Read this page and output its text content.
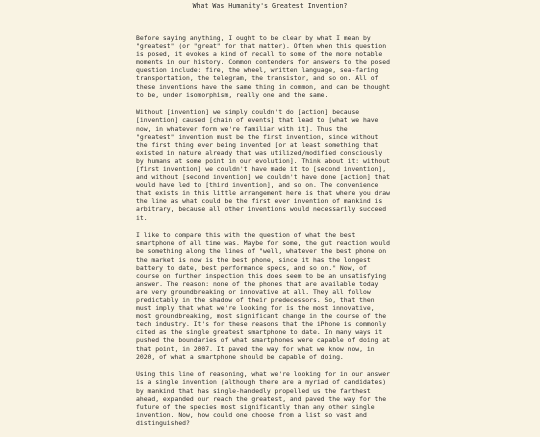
What Was Humanity's Greatest Invention?

Before saying anything, I ought to be clear by what I mean by
"greatest" (or "great" for that matter). Often when this question
is posed, it evokes a kind of recall to some of the more notable
moments in our history. Common contenders for answers to the posed
question include: fire, the wheel, written language, sea-faring
transportation, the telegram, the transistor, and so on. All of
these inventions have the same thing in common, and can be thought
to be, under isomorphism, really one and the same.

Without [invention] we simply couldn't do [action] because
[invention] caused [chain of events] that lead to [what we have
now, in whatever form we're familiar with it]. Thus the
"greatest" invention must be the first invention, since without
the first thing ever being invented [or at least something that
existed in nature already that was utilized/modified consciously
by humans at some point in our evolution]. Think about it: without
[first invention] we couldn't have made it to [second invention],
and without [second invention] we couldn't have done [action] that
would have led to [third invention], and so on. The convenience
that exists in this little arrangement here is that where you draw
the line as what could be the first ever invention of mankind is
arbitrary, because all other inventions would necessarily succeed
it.

I like to compare this with the question of what the best
smartphone of all time was. Maybe for some, the gut reaction would
be something along the lines of "well, whatever the best phone on
the market is now is the best phone, since it has the longest
battery to date, best performance specs, and so on." Now, of
course on further inspection this does seem to be an unsatisfying
answer. The reason: none of the phones that are available today
are very groundbreaking or innovative at all. They all follow
predictably in the shadow of their predecessors. So, that then
must imply that what we're looking for is the most innovative,
most groundbreaking, most significant change in the course of the
tech industry. It's for these reasons that the iPhone is commonly
cited as the single greatest smartphone to date. In many ways it
pushed the boundaries of what smartphones were capable of doing at
that point, in 2007. It paved the way for what we know now, in
2020, of what a smartphone should be capable of doing.

Using this line of reasoning, what we're looking for in our answer
is a single invention (although there are a myriad of candidates)
by mankind that has single-handedly propelled us the farthest
ahead, expanded our reach the greatest, and paved the way for the
future of the species most significantly than any other single
invention. Now, how could one choose from a list so vast and
distinguished?
